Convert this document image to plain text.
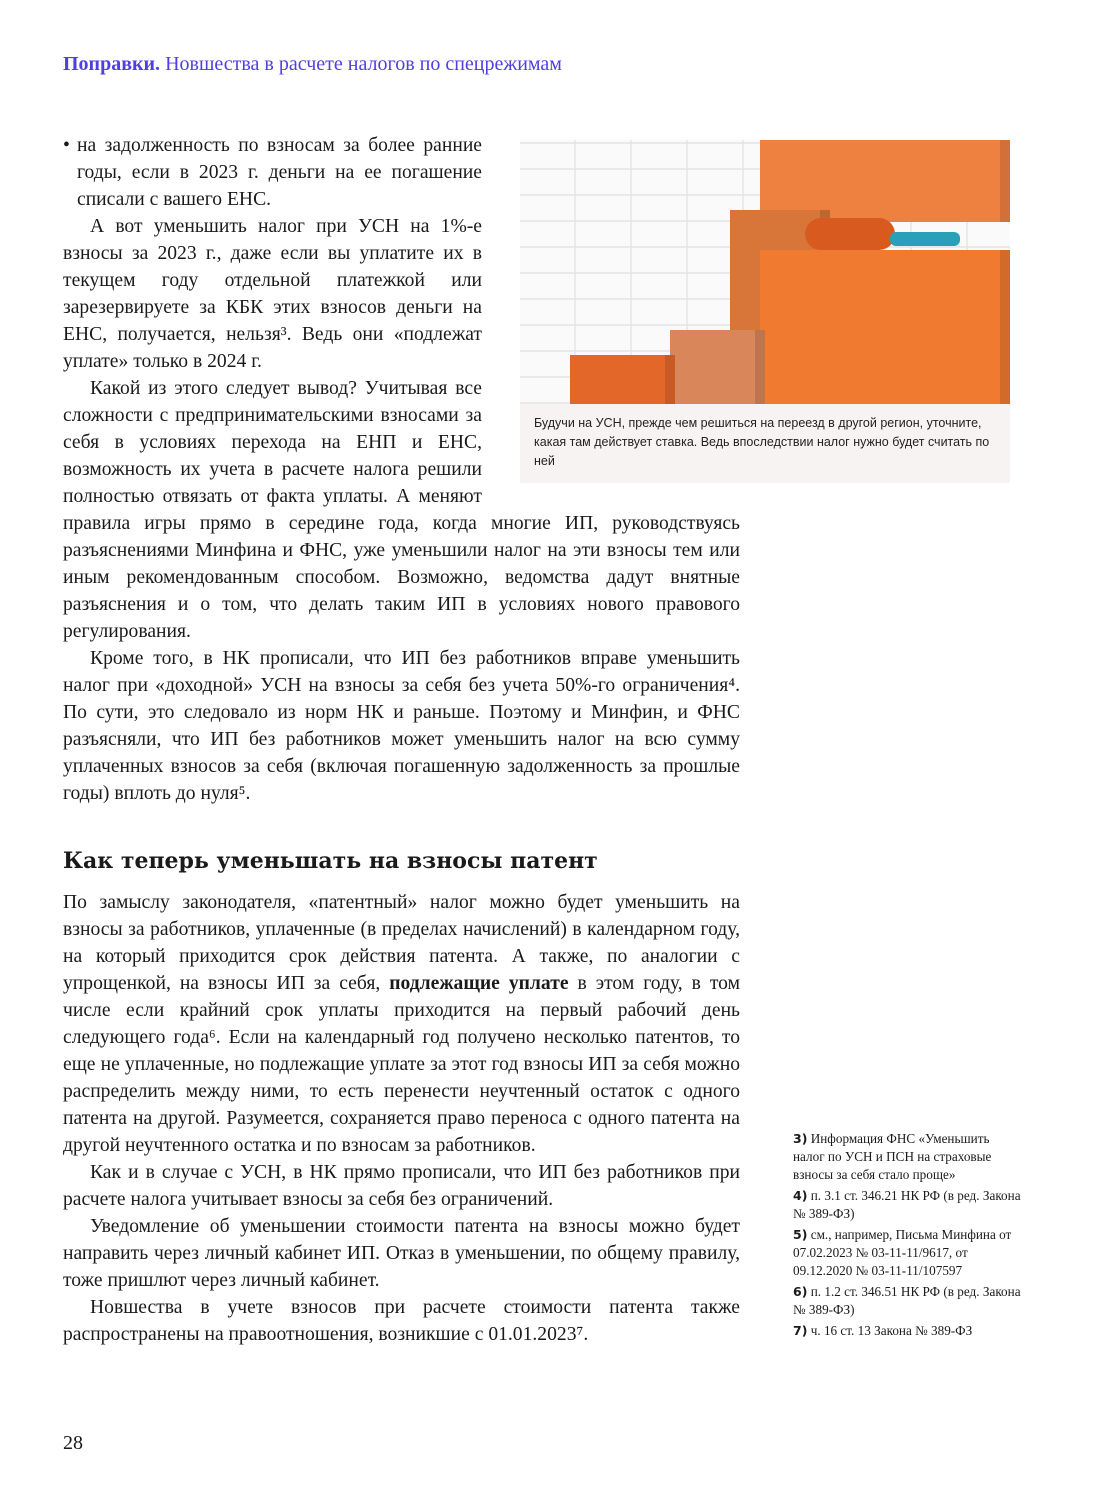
Поправки. Новшества в расчете налогов по спецрежимам
Будучи на УСН, прежде чем решиться на переезд в другой регион, уточните, какая там действует ставка. Ведь впоследствии налог нужно будет считать по ней

• на задолженность по взносам за более ранние годы, если в 2023 г. деньги на ее погашение списали с вашего ЕНС.

А вот уменьшить налог при УСН на 1%-е взносы за 2023 г., даже если вы уплатите их в текущем году отдельной платежкой или зарезервируете за КБК этих взносов деньги на ЕНС, получается, нельзя³. Ведь они «подлежат уплате» только в 2024 г.

Какой из этого следует вывод? Учитывая все сложности с предпринимательскими взносами за себя в условиях перехода на ЕНП и ЕНС, возможность их учета в расчете налога решили полностью отвязать от факта уплаты. А меняют правила игры прямо в середине года, когда многие ИП, руководствуясь разъяснениями Минфина и ФНС, уже уменьшили налог на эти взносы тем или иным рекомендованным способом. Возможно, ведомства дадут внятные разъяснения и о том, что делать таким ИП в условиях нового правового регулирования.

Кроме того, в НК прописали, что ИП без работников вправе уменьшить налог при «доходной» УСН на взносы за себя без учета 50%-го ограничения⁴. По сути, это следовало из норм НК и раньше. Поэтому и Минфин, и ФНС разъясняли, что ИП без работников может уменьшить налог на всю сумму уплаченных взносов за себя (включая погашенную задолженность за прошлые годы) вплоть до нуля⁵.

Как теперь уменьшать на взносы патент

По замыслу законодателя, «патентный» налог можно будет уменьшить на взносы за работников, уплаченные (в пределах начислений) в календарном году, на который приходится срок действия патента. А также, по аналогии с упрощенкой, на взносы ИП за себя, подлежащие уплате в этом году, в том числе если крайний срок уплаты приходится на первый рабочий день следующего года⁶. Если на календарный год получено несколько патентов, то еще не уплаченные, но подлежащие уплате за этот год взносы ИП за себя можно распределить между ними, то есть перенести неучтенный остаток с одного патента на другой. Разумеется, сохраняется право переноса с одного патента на другой неучтенного остатка и по взносам за работников.

Как и в случае с УСН, в НК прямо прописали, что ИП без работников при расчете налога учитывает взносы за себя без ограничений.

Уведомление об уменьшении стоимости патента на взносы можно будет направить через личный кабинет ИП. Отказ в уменьшении, по общему правилу, тоже пришлют через личный кабинет.

Новшества в учете взносов при расчете стоимости патента также распространены на правоотношения, возникшие с 01.01.2023⁷.

3) Информация ФНС «Уменьшить налог по УСН и ПСН на страховые взносы за себя стало проще»
4) п. 3.1 ст. 346.21 НК РФ (в ред. Закона № 389-ФЗ)
5) см., например, Письма Минфина от 07.02.2023 № 03-11-11/9617, от 09.12.2020 № 03-11-11/107597
6) п. 1.2 ст. 346.51 НК РФ (в ред. Закона № 389-ФЗ)
7) ч. 16 ст. 13 Закона № 389-ФЗ
28
